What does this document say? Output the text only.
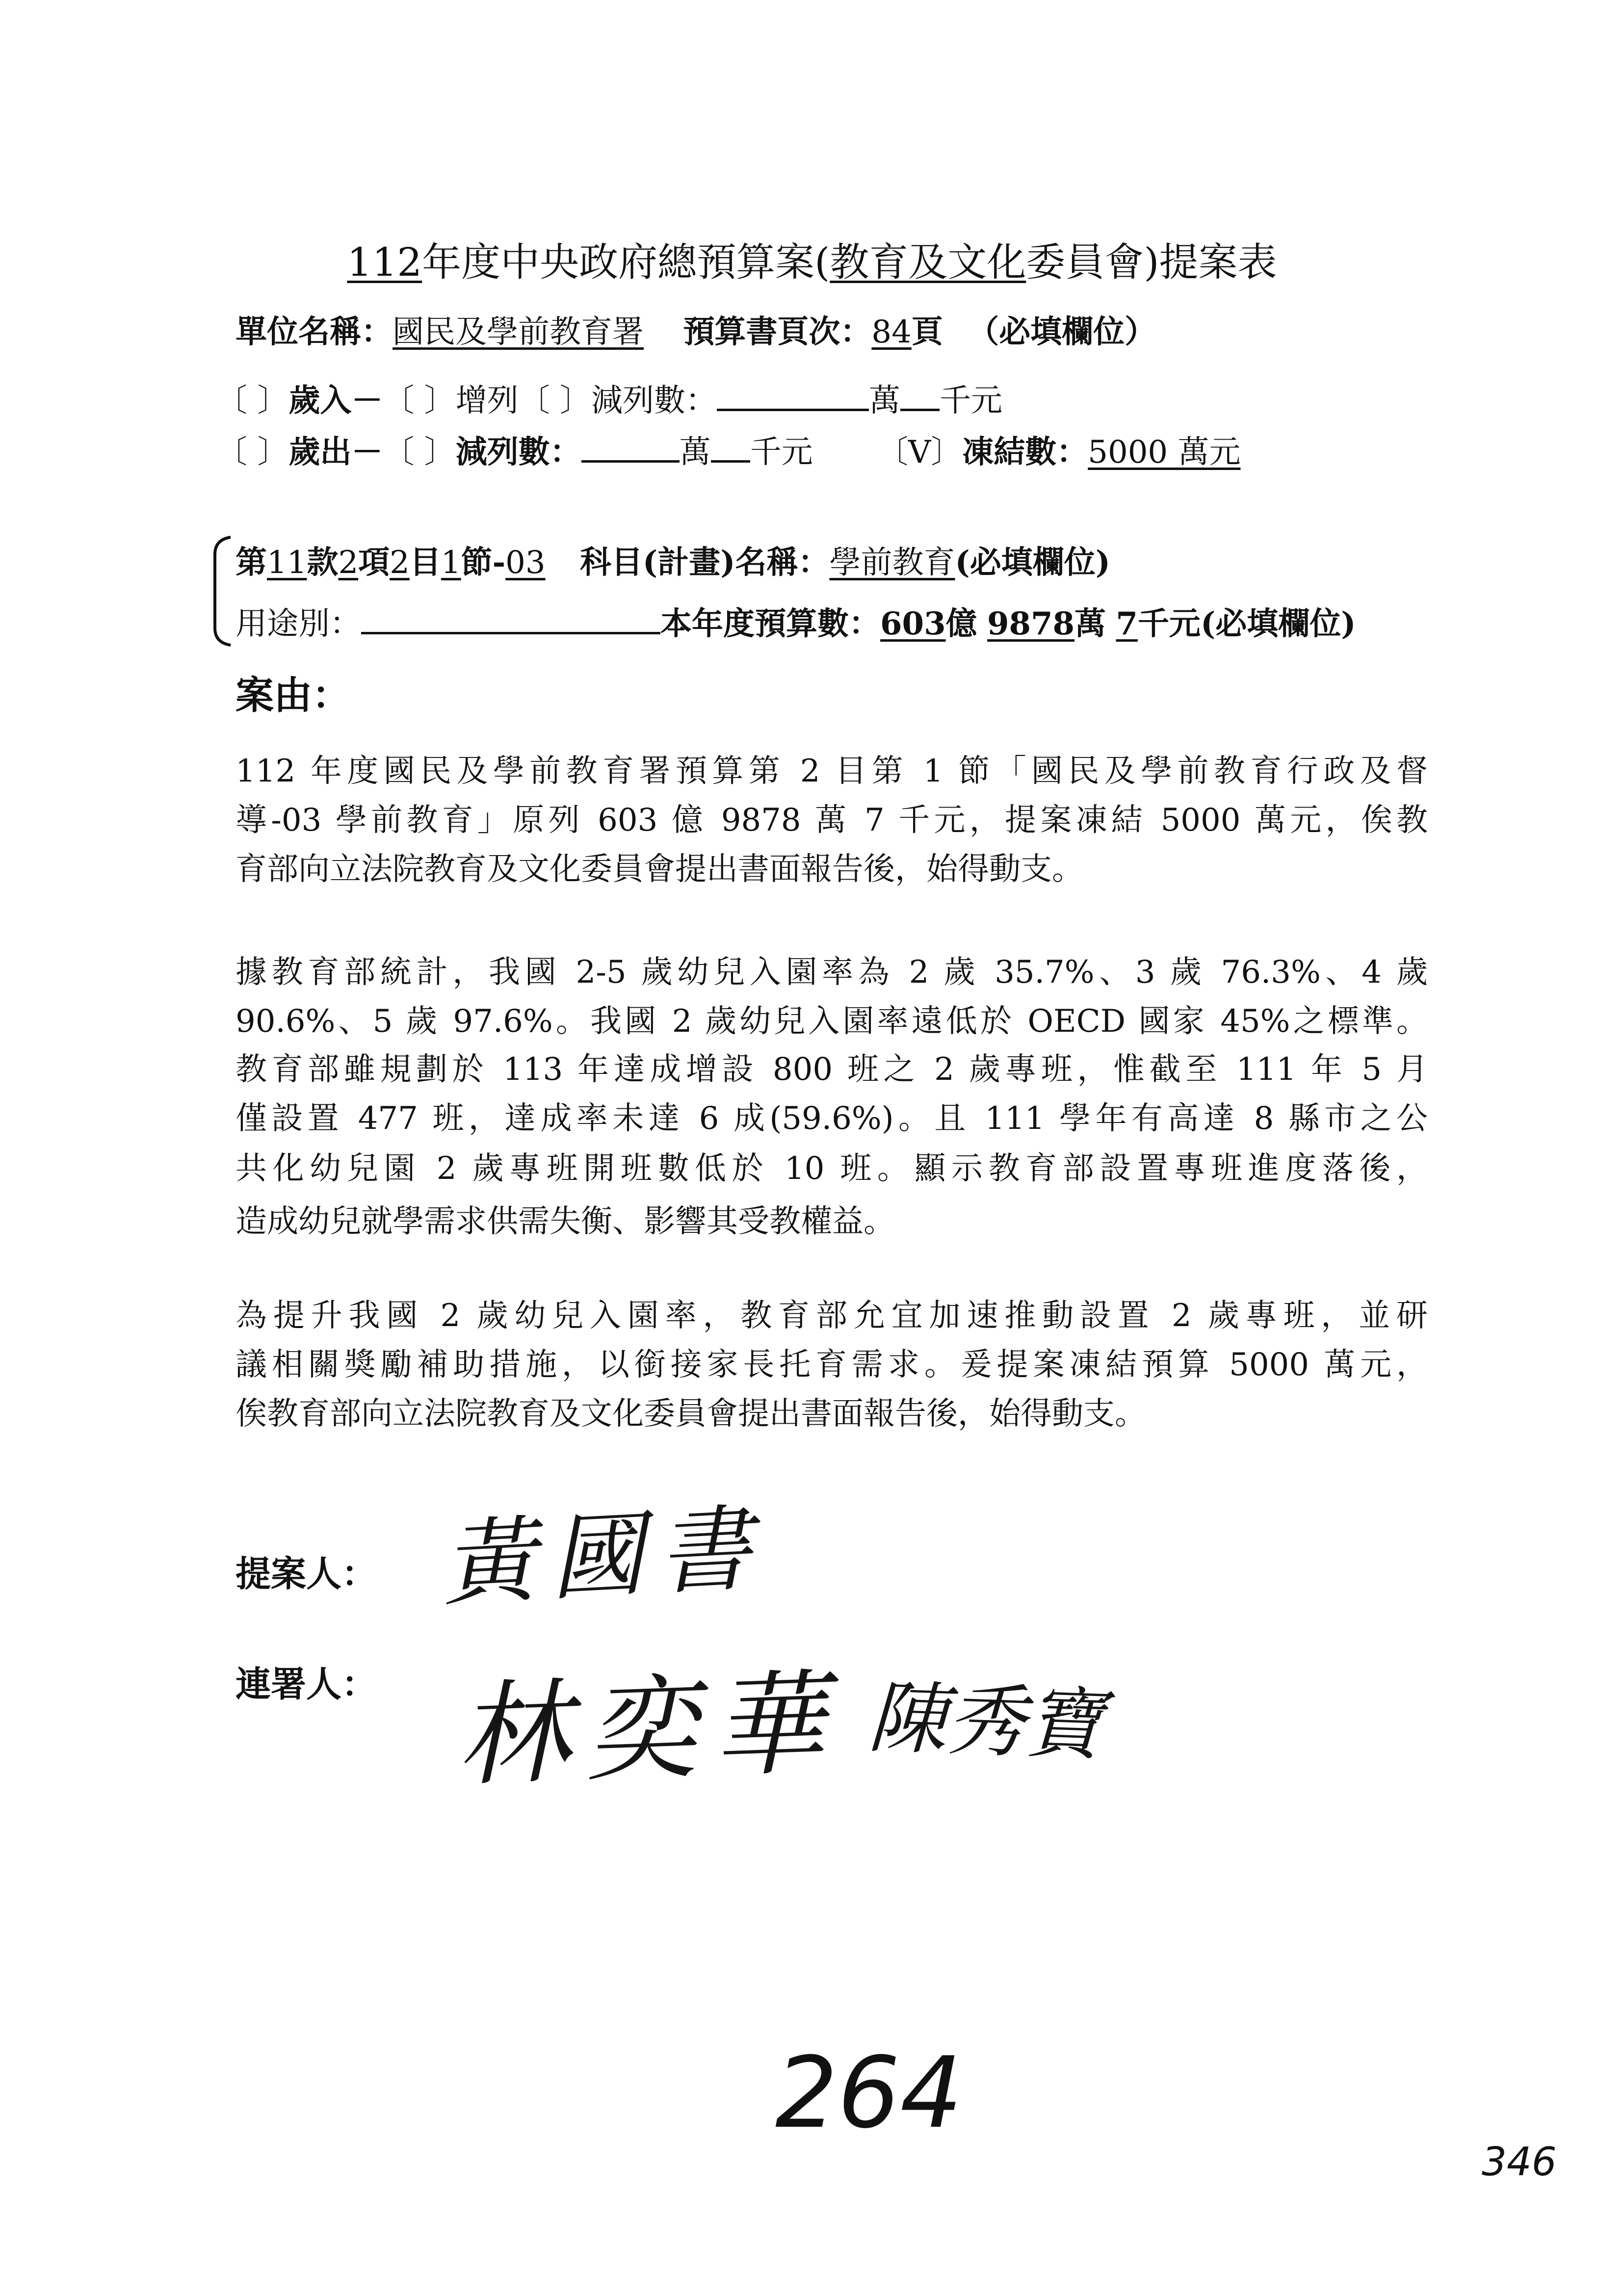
112年度中央政府總預算案(教育及文化委員會)提案表
單位名稱：國民及學前教育署 預算書頁次：84頁 （必填欄位）
〔 〕歲入－〔 〕增列〔 〕減列數：	萬 千元
〔 〕歲出－〔 〕減列數：	萬 千元 〔V〕凍結數：5000 萬元
第11款2項2目1節-03 科目(計畫)名稱：學前教育(必填欄位)
用途別：	本年度預算數：603億 9878萬 7千元(必填欄位)
案由：
112 年度國民及學前教育署預算第 2 目第 1 節「國民及學前教育行政及督
導-03 學前教育」原列 603 億 9878 萬 7 千元，提案凍結 5000 萬元，俟教
育部向立法院教育及文化委員會提出書面報告後，始得動支。
據教育部統計，我國 2-5 歲幼兒入園率為 2 歲 35.7%、3 歲 76.3%、4 歲
90.6%、5 歲 97.6%。我國 2 歲幼兒入園率遠低於 OECD 國家 45%之標準。
教育部雖規劃於 113 年達成增設 800 班之 2 歲專班，惟截至 111 年 5 月
僅設置 477 班，達成率未達 6 成(59.6%)。且 111 學年有高達 8 縣市之公
共化幼兒園 2 歲專班開班數低於 10 班。顯示教育部設置專班進度落後，
造成幼兒就學需求供需失衡、影響其受教權益。
為提升我國 2 歲幼兒入園率，教育部允宜加速推動設置 2 歲專班，並研
議相關獎勵補助措施，以銜接家長托育需求。爰提案凍結預算 5000 萬元，
俟教育部向立法院教育及文化委員會提出書面報告後，始得動支。
提案人： 黃國書
連署人： 林奕華 陳秀寶
264
346
